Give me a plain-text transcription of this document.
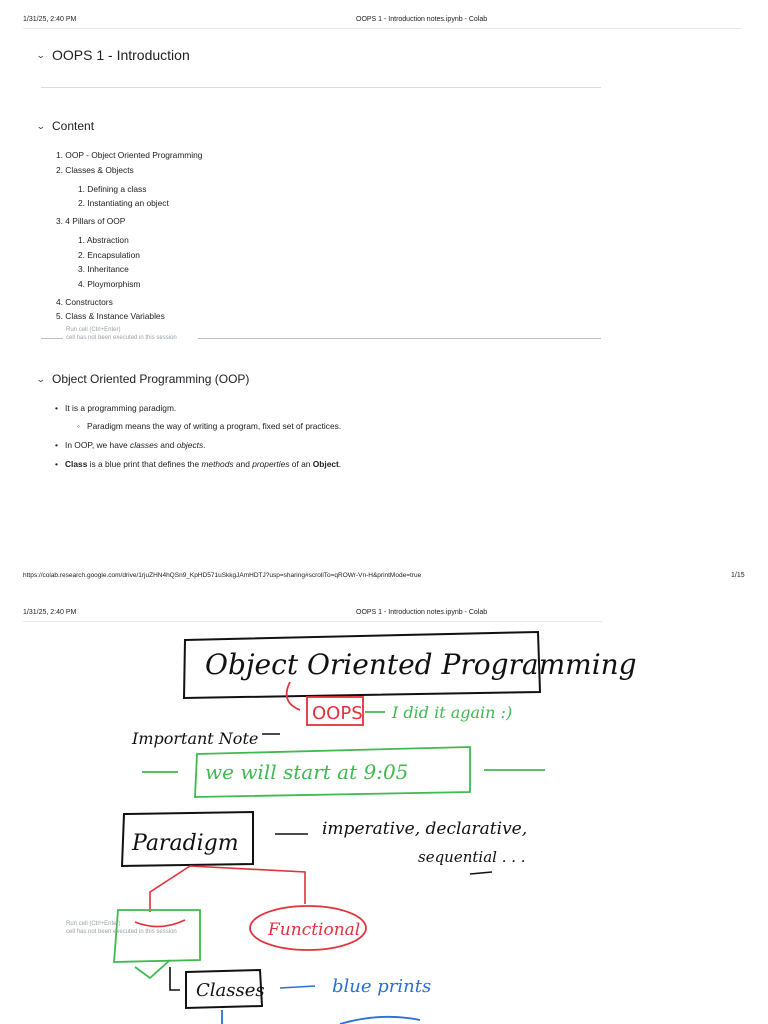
1/31/25, 2:40 PM	OOPS 1 - Introduction notes.ipynb - Colab
⌄ OOPS 1 - Introduction
⌄ Content
1. OOP - Object Oriented Programming
2. Classes & Objects
1. Defining a class
2. Instantiating an object
3. 4 Pillars of OOP
1. Abstraction
2. Encapsulation
3. Inheritance
4. Ploymorphism
4. Constructors
5. Class & Instance Variables
Run cell (Ctrl+Enter)
cell has not been executed in this session
⌄ Object Oriented Programming (OOP)
• It is a programming paradigm.
◦ Paradigm means the way of writing a program, fixed set of practices.
• In OOP, we have classes and objects.
• Class is a blue print that defines the methods and properties of an Object.
https://colab.research.google.com/drive/1rjuZHN4hQSn9_KpHD571uSkkgJAmHDTJ?usp=sharing#scrollTo=qROWr-Vn-H&printMode=true	1/15
1/31/25, 2:40 PM	OOPS 1 - Introduction notes.ipynb - Colab
Object Oriented Programming
OOPS I did it again :)
Important Note
we will start at 9:05
Paradigm
imperative, declarative,
sequential . . .
Functional
Classes	blue prints
Run cell (Ctrl+Enter)
cell has not been executed in this session
